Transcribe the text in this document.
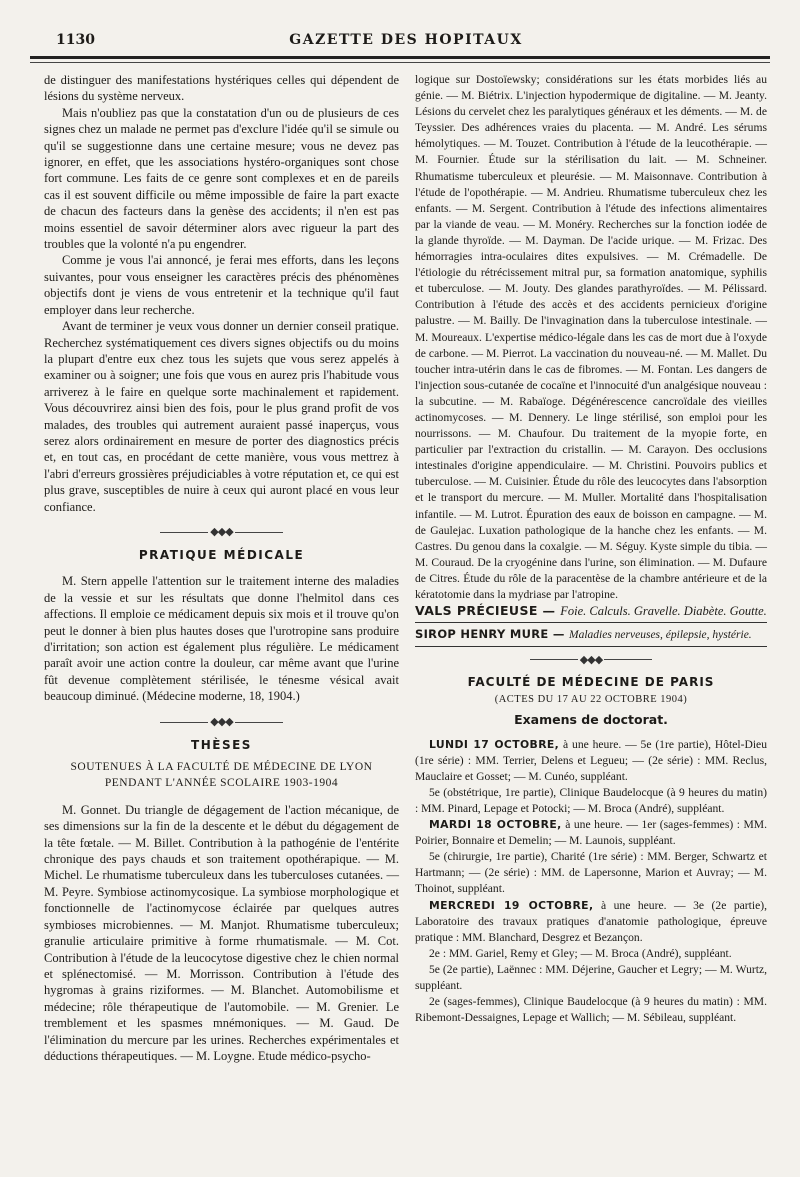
1130	GAZETTE DES HOPITAUX

de distinguer des manifestations hystériques celles qui dépendent de lésions du système nerveux.

Mais n'oubliez pas que la constatation d'un ou de plusieurs de ces signes chez un malade ne permet pas d'exclure l'idée qu'il se simule ou qu'il se suggestionne dans une certaine mesure; vous ne devez pas ignorer, en effet, que les associations hystéro-organiques sont chose fort commune. Les faits de ce genre sont complexes et en de pareils cas il est souvent difficile ou même impossible de faire la part exacte de chacun des facteurs dans la genèse des accidents; il n'en est pas moins essentiel de savoir déterminer alors avec rigueur la part des troubles que la volonté n'a pu engendrer.

Comme je vous l'ai annoncé, je ferai mes efforts, dans les leçons suivantes, pour vous enseigner les caractères précis des phénomènes objectifs dont je viens de vous entretenir et la technique qu'il faut employer dans leur recherche.

Avant de terminer je veux vous donner un dernier conseil pratique. Recherchez systématiquement ces divers signes objectifs ou du moins la plupart d'entre eux chez tous les sujets que vous serez appelés à examiner ou à soigner; une fois que vous en aurez pris l'habitude vous arriverez à le faire en quelque sorte machinalement et rapidement. Vous découvrirez ainsi bien des fois, pour le plus grand profit de vos malades, des troubles qui autrement auraient passé inaperçus, vous serez alors ordinairement en mesure de porter des diagnostics précis et, en tout cas, en procédant de cette manière, vous vous mettrez à l'abri d'erreurs grossières préjudiciables à votre réputation et, ce qui est plus grave, susceptibles de nuire à ceux qui auront placé en vous leur confiance.

◆◆◆
PRATIQUE MÉDICALE

M. Stern appelle l'attention sur le traitement interne des maladies de la vessie et sur les résultats que donne l'helmitol dans ces affections. Il emploie ce médicament depuis six mois et il trouve qu'on peut le donner à bien plus hautes doses que l'urotropine sans produire d'irritation; son action est également plus régulière. Le médicament paraît avoir une action contre la douleur, car même avant que l'urine fût devenue complètement stérilisée, le ténesme vésical avait beaucoup diminué. (Médecine moderne, 18, 1904.)

◆◆◆
THÈSES

SOUTENUES À LA FACULTÉ DE MÉDECINE DE LYON

PENDANT L'ANNÉE SCOLAIRE 1903-1904

M. Gonnet. Du triangle de dégagement de l'action mécanique, de ses dimensions sur la fin de la descente et le début du dégagement de la tête fœtale. — M. Billet. Contribution à la pathogénie de l'entérite chronique des pays chauds et son traitement opothérapique. — M. Michel. Le rhumatisme tuberculeux dans les tuberculoses cutanées. — M. Peyre. Symbiose actinomycosique. La symbiose morphologique et fonctionnelle de l'actinomycose éclairée par quelques autres symbioses microbiennes. — M. Manjot. Rhumatisme tuberculeux; granulie articulaire primitive à forme rhumatismale. — M. Cot. Contribution à l'étude de la leucocytose digestive chez le chien normal et splénectomisé. — M. Morrisson. Contribution à l'étude des hygromas à grains riziformes. — M. Blanchet. Automobilisme et médecine; rôle thérapeutique de l'automobile. — M. Grenier. Le tremblement et les spasmes mnémoniques. — M. Gaud. De l'élimination du mercure par les urines. Recherches expérimentales et déductions thérapeutiques. — M. Loygne. Etude médico-psycho-

logique sur Dostoïewsky; considérations sur les états morbides liés au génie. — M. Biétrix. L'injection hypodermique de digitaline. — M. Jeanty. Lésions du cervelet chez les paralytiques généraux et les déments. — M. de Teyssier. Des adhérences vraies du placenta. — M. André. Les sérums hémolytiques. — M. Touzet. Contribution à l'étude de la leucothérapie. — M. Fournier. Étude sur la stérilisation du lait. — M. Schneiner. Rhumatisme tuberculeux et pleurésie. — M. Maisonnave. Contribution à l'étude de l'opothérapie. — M. Andrieu. Rhumatisme tuberculeux chez les enfants. — M. Sergent. Contribution à l'étude des infections alimentaires par la viande de veau. — M. Monéry. Recherches sur la fonction iodée de la glande thyroïde. — M. Dayman. De l'acide urique. — M. Frizac. Des hémorragies intra-oculaires dites expulsives. — M. Crémadelle. De l'étiologie du rétrécissement mitral pur, sa formation anatomique, syphilis et tuberculose. — M. Jouty. Des glandes parathyroïdes. — M. Pélissard. Contribution à l'étude des accès et des accidents pernicieux d'origine palustre. — M. Bailly. De l'invagination dans la tuberculose intestinale. — M. Moureaux. L'expertise médico-légale dans les cas de mort due à l'oxyde de carbone. — M. Pierrot. La vaccination du nouveau-né. — M. Mallet. Du toucher intra-utérin dans le cas de fibromes. — M. Fontan. Les dangers de l'injection sous-cutanée de cocaïne et l'innocuité d'un analgésique nouveau : la subcutine. — M. Rabaïoge. Dégénérescence cancroïdale des vieilles actinomycoses. — M. Dennery. Le linge stérilisé, son emploi pour les nourrissons. — M. Chaufour. Du traitement de la myopie forte, en particulier par l'extraction du cristallin. — M. Carayon. Des occlusions intestinales d'origine appendiculaire. — M. Christini. Pouvoirs publics et tuberculose. — M. Cuisinier. Étude du rôle des leucocytes dans l'absorption et le transport du mercure. — M. Muller. Mortalité dans l'hospitalisation infantile. — M. Lutrot. Épuration des eaux de boisson en campagne. — M. de Gaulejac. Luxation pathologique de la hanche chez les enfants. — M. Castres. Du genou dans la coxalgie. — M. Séguy. Kyste simple du tibia. — M. Couraud. De la cryogénine dans l'urine, son élimination. — M. Dufaure de Citres. Étude du rôle de la paracentèse de la chambre antérieure et de la kératotomie dans la mydriase par l'atropine.

VALS PRÉCIEUSE — Foie. Calculs. Gravelle. Diabète. Goutte.

SIROP HENRY MURE — Maladies nerveuses, épilepsie, hystérie.

◆◆◆
FACULTÉ DE MÉDECINE DE PARIS

(ACTES DU 17 AU 22 OCTOBRE 1904)

Examens de doctorat.

LUNDI 17 OCTOBRE, à une heure. — 5e (1re partie), Hôtel-Dieu (1re série) : MM. Terrier, Delens et Legueu; — (2e série) : MM. Reclus, Mauclaire et Gosset; — M. Cunéo, suppléant.

5e (obstétrique, 1re partie), Clinique Baudelocque (à 9 heures du matin) : MM. Pinard, Lepage et Potocki; — M. Broca (André), suppléant.

MARDI 18 OCTOBRE, à une heure. — 1er (sages-femmes) : MM. Poirier, Bonnaire et Demelin; — M. Launois, suppléant.

5e (chirurgie, 1re partie), Charité (1re série) : MM. Berger, Schwartz et Hartmann; — (2e série) : MM. de Lapersonne, Marion et Auvray; — M. Thoinot, suppléant.

MERCREDI 19 OCTOBRE, à une heure. — 3e (2e partie), Laboratoire des travaux pratiques d'anatomie pathologique, épreuve pratique : MM. Blanchard, Desgrez et Bezançon.

2e : MM. Gariel, Remy et Gley; — M. Broca (André), suppléant.

5e (2e partie), Laënnec : MM. Déjerine, Gaucher et Legry; — M. Wurtz, suppléant.

2e (sages-femmes), Clinique Baudelocque (à 9 heures du matin) : MM. Ribemont-Dessaignes, Lepage et Wallich; — M. Sébileau, suppléant.
